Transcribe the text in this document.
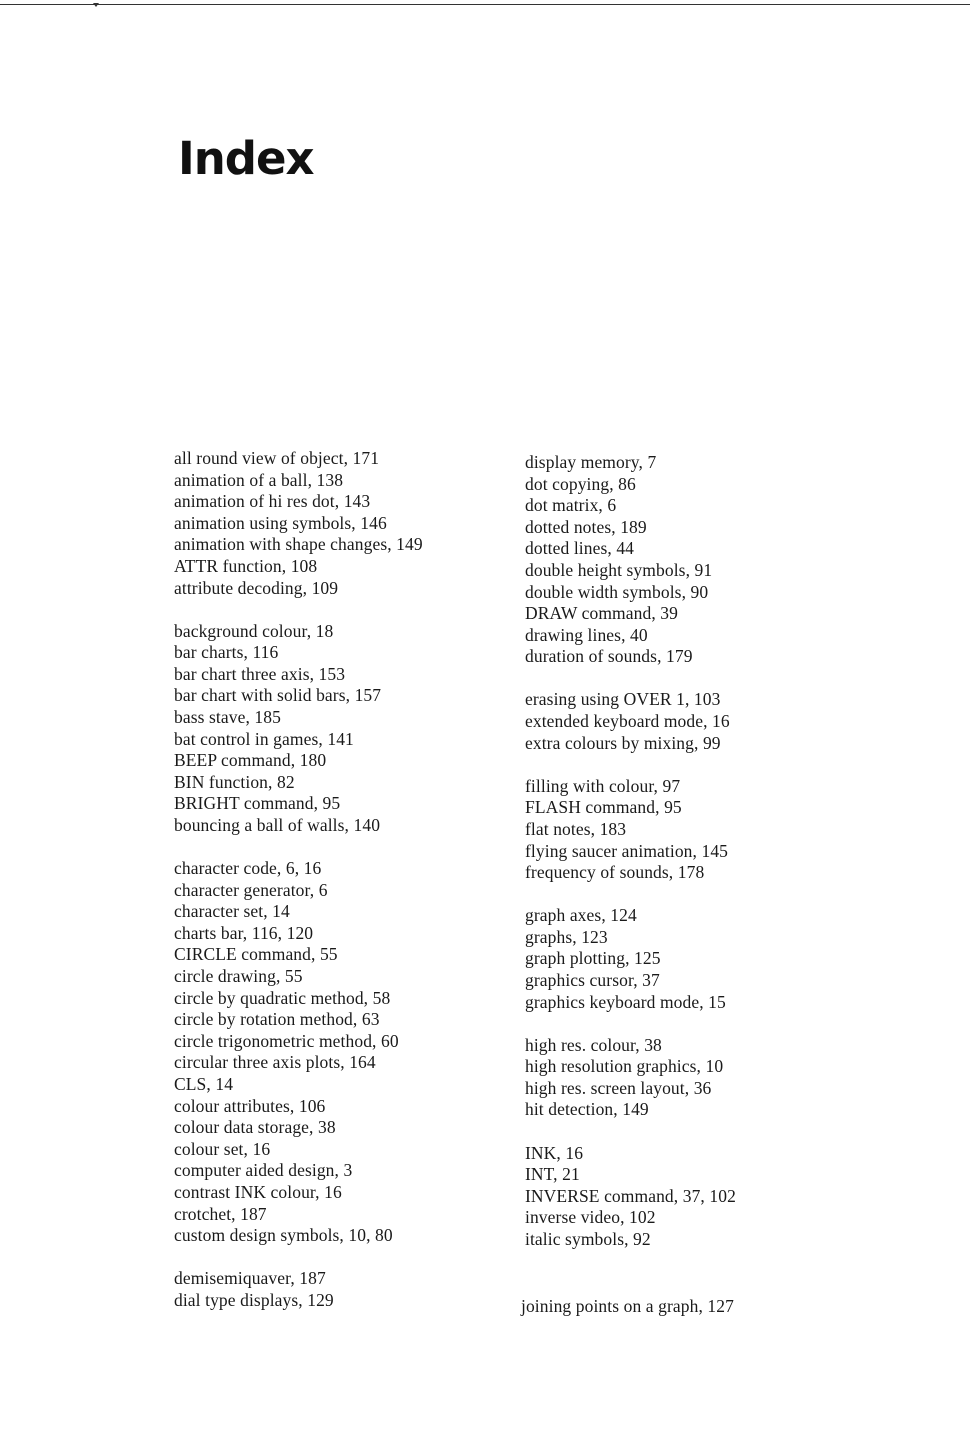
Index
all round view of object, 171
animation of a ball, 138
animation of hi res dot, 143
animation using symbols, 146
animation with shape changes, 149
ATTR function, 108
attribute decoding, 109
background colour, 18
bar charts, 116
bar chart three axis, 153
bar chart with solid bars, 157
bass stave, 185
bat control in games, 141
BEEP command, 180
BIN function, 82
BRIGHT command, 95
bouncing a ball of walls, 140
character code, 6, 16
character generator, 6
character set, 14
charts bar, 116, 120
CIRCLE command, 55
circle drawing, 55
circle by quadratic method, 58
circle by rotation method, 63
circle trigonometric method, 60
circular three axis plots, 164
CLS, 14
colour attributes, 106
colour data storage, 38
colour set, 16
computer aided design, 3
contrast INK colour, 16
crotchet, 187
custom design symbols, 10, 80
demisemiquaver, 187
dial type displays, 129
display memory, 7
dot copying, 86
dot matrix, 6
dotted notes, 189
dotted lines, 44
double height symbols, 91
double width symbols, 90
DRAW command, 39
drawing lines, 40
duration of sounds, 179
erasing using OVER 1, 103
extended keyboard mode, 16
extra colours by mixing, 99
filling with colour, 97
FLASH command, 95
flat notes, 183
flying saucer animation, 145
frequency of sounds, 178
graph axes, 124
graphs, 123
graph plotting, 125
graphics cursor, 37
graphics keyboard mode, 15
high res. colour, 38
high resolution graphics, 10
high res. screen layout, 36
hit detection, 149
INK, 16
INT, 21
INVERSE command, 37, 102
inverse video, 102
italic symbols, 92
joining points on a graph, 127
